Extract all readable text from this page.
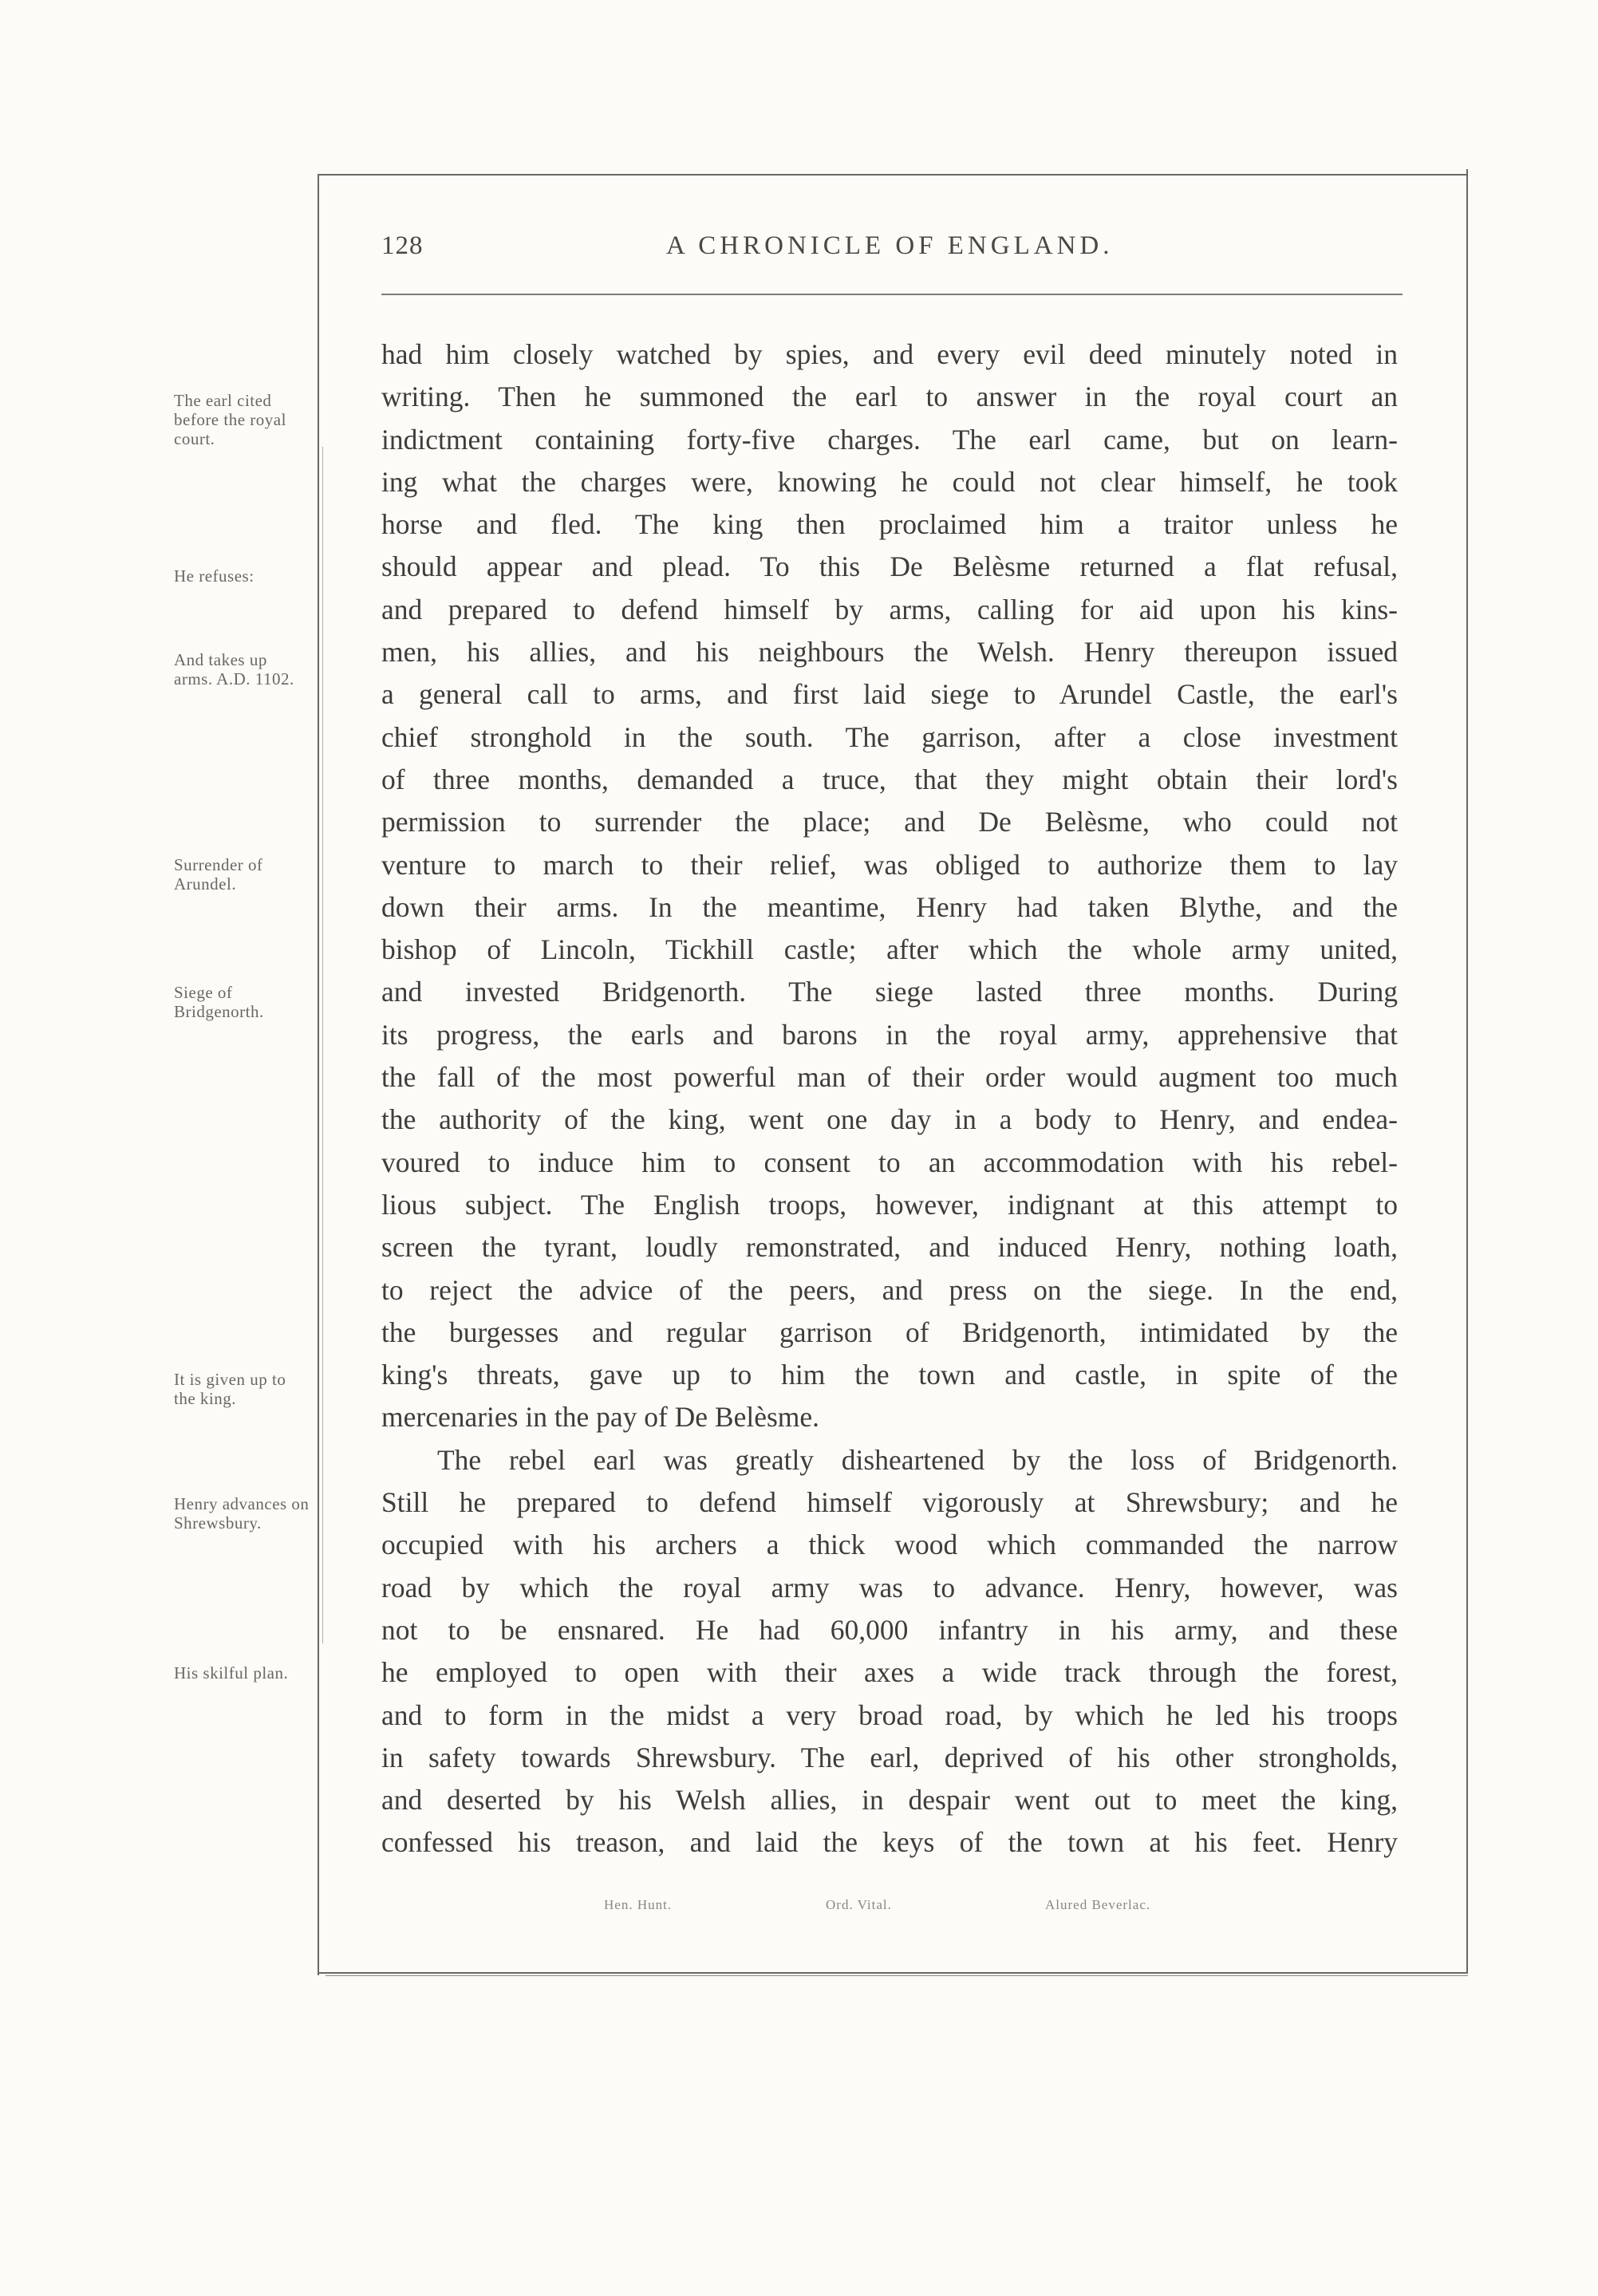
128	A CHRONICLE OF ENGLAND.
The earl cited before the royal court.
He refuses:
And takes up arms. A.D. 1102.
Surrender of Arundel.
Siege of Bridgenorth.
It is given up to the king.
Henry advances on Shrewsbury.
His skilful plan.
had him closely watched by spies, and every evil deed minutely noted in
writing. Then he summoned the earl to answer in the royal court an
indictment containing forty-five charges. The earl came, but on learn-
ing what the charges were, knowing he could not clear himself, he took
horse and fled. The king then proclaimed him a traitor unless he
should appear and plead. To this De Belèsme returned a flat refusal,
and prepared to defend himself by arms, calling for aid upon his kins-
men, his allies, and his neighbours the Welsh. Henry thereupon issued
a general call to arms, and first laid siege to Arundel Castle, the earl's
chief stronghold in the south. The garrison, after a close investment
of three months, demanded a truce, that they might obtain their lord's
permission to surrender the place; and De Belèsme, who could not
venture to march to their relief, was obliged to authorize them to lay
down their arms. In the meantime, Henry had taken Blythe, and the
bishop of Lincoln, Tickhill castle; after which the whole army united,
and invested Bridgenorth. The siege lasted three months. During
its progress, the earls and barons in the royal army, apprehensive that
the fall of the most powerful man of their order would augment too much
the authority of the king, went one day in a body to Henry, and endea-
voured to induce him to consent to an accommodation with his rebel-
lious subject. The English troops, however, indignant at this attempt to
screen the tyrant, loudly remonstrated, and induced Henry, nothing loath,
to reject the advice of the peers, and press on the siege. In the end,
the burgesses and regular garrison of Bridgenorth, intimidated by the
king's threats, gave up to him the town and castle, in spite of the
mercenaries in the pay of De Belèsme.
The rebel earl was greatly disheartened by the loss of Bridgenorth.
Still he prepared to defend himself vigorously at Shrewsbury; and he
occupied with his archers a thick wood which commanded the narrow
road by which the royal army was to advance. Henry, however, was
not to be ensnared. He had 60,000 infantry in his army, and these
he employed to open with their axes a wide track through the forest,
and to form in the midst a very broad road, by which he led his troops
in safety towards Shrewsbury. The earl, deprived of his other strongholds,
and deserted by his Welsh allies, in despair went out to meet the king,
confessed his treason, and laid the keys of the town at his feet. Henry
Hen. Hunt.	Ord. Vital.	Alured Beverlac.
